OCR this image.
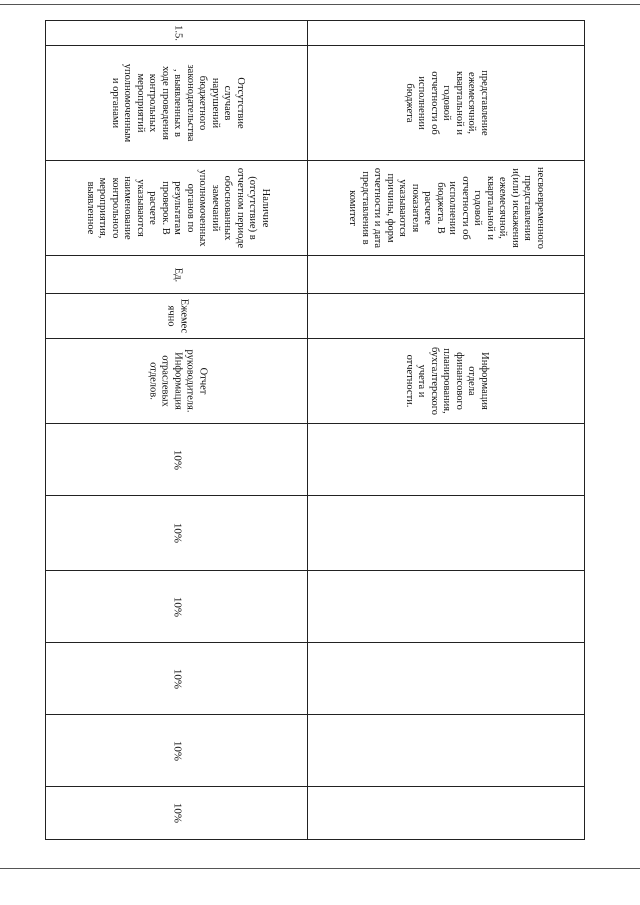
1.5.
Отсутствие
случаев
нарушений
бюджетного
законодательства
, выявленных в
ходе проведения
контрольных
мероприятий
уполномоченным
и органами
Наличие
(отсутствие) в
отчетном периоде
обоснованных
замечаний
уполномоченных
органов по
результатам
проверок. В
расчете
указываются
наименование
контрольного
мероприятия,
выявленное
Ед.
Ежемес
ячно
Отчет
руководителя.
Информация
отраслевых
отделов.
10%
10%
10%
10%
10%
10%
представление
ежемесячной,
квартальной и
годовой
отчетности об
исполнении
бюджета
несвоевременного
представления
и(или) искажения
ежемесячной,
квартальной и
годовой
отчетности об
исполнении
бюджета. В
расчете
показателя
указываются
причины, форм
отчетности и дата
представления в
комитет
Информация
отдела
финансового
планирования,
бухгалтерского
учета и
отчетности.
